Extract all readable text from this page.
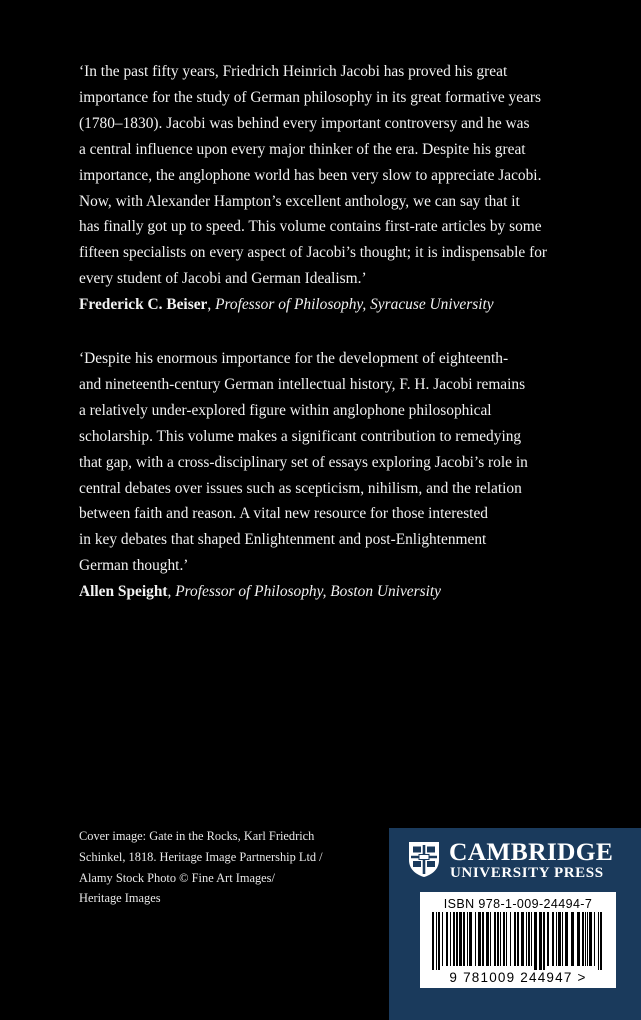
‘In the past fifty years, Friedrich Heinrich Jacobi has proved his great

importance for the study of German philosophy in its great formative years

(1780–1830). Jacobi was behind every important controversy and he was

a central influence upon every major thinker of the era. Despite his great

importance, the anglophone world has been very slow to appreciate Jacobi.

Now, with Alexander Hampton’s excellent anthology, we can say that it

has finally got up to speed. This volume contains first-rate articles by some

fifteen specialists on every aspect of Jacobi’s thought; it is indispensable for

every student of Jacobi and German Idealism.’

Frederick C. Beiser, Professor of Philosophy, Syracuse University

‘Despite his enormous importance for the development of eighteenth-

and nineteenth-century German intellectual history, F. H. Jacobi remains

a relatively under-explored figure within anglophone philosophical

scholarship. This volume makes a significant contribution to remedying

that gap, with a cross-disciplinary set of essays exploring Jacobi’s role in

central debates over issues such as scepticism, nihilism, and the relation

between faith and reason. A vital new resource for those interested

in key debates that shaped Enlightenment and post-Enlightenment

German thought.’

Allen Speight, Professor of Philosophy, Boston University

Cover image: Gate in the Rocks, Karl Friedrich

Schinkel, 1818. Heritage Image Partnership Ltd /

Alamy Stock Photo © Fine Art Images/

Heritage Images

CAMBRIDGE
UNIVERSITY PRESS
ISBN 978-1-009-24494-7
9 781009 244947 >
